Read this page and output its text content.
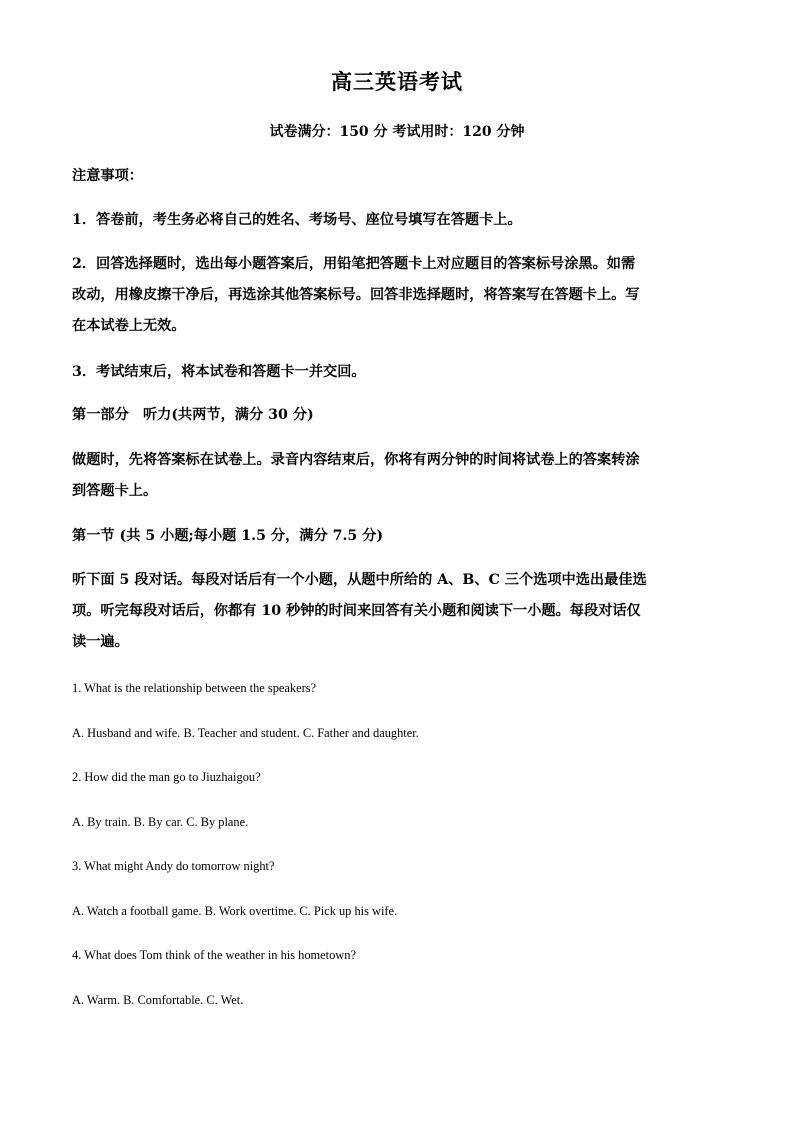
高三英语考试
试卷满分：150 分 考试用时：120 分钟
注意事项：
1．答卷前，考生务必将自己的姓名、考场号、座位号填写在答题卡上。
2．回答选择题时，选出每小题答案后，用铅笔把答题卡上对应题目的答案标号涂黑。如需
改动，用橡皮擦干净后，再选涂其他答案标号。回答非选择题时，将答案写在答题卡上。写
在本试卷上无效。
3．考试结束后，将本试卷和答题卡一并交回。
第一部分　听力(共两节，满分 30 分)
做题时，先将答案标在试卷上。录音内容结束后，你将有两分钟的时间将试卷上的答案转涂
到答题卡上。
第一节 (共 5 小题;每小题 1.5 分，满分 7.5 分)
听下面 5 段对话。每段对话后有一个小题，从题中所给的 A、B、C 三个选项中选出最佳选
项。听完每段对话后，你都有 10 秒钟的时间来回答有关小题和阅读下一小题。每段对话仅
读一遍。
1. What is the relationship between the speakers?
A. Husband and wife. B. Teacher and student. C. Father and daughter.
2. How did the man go to Jiuzhaigou?
A. By train. B. By car. C. By plane.
3. What might Andy do tomorrow night?
A. Watch a football game. B. Work overtime. C. Pick up his wife.
4. What does Tom think of the weather in his hometown?
A. Warm. B. Comfortable. C. Wet.
